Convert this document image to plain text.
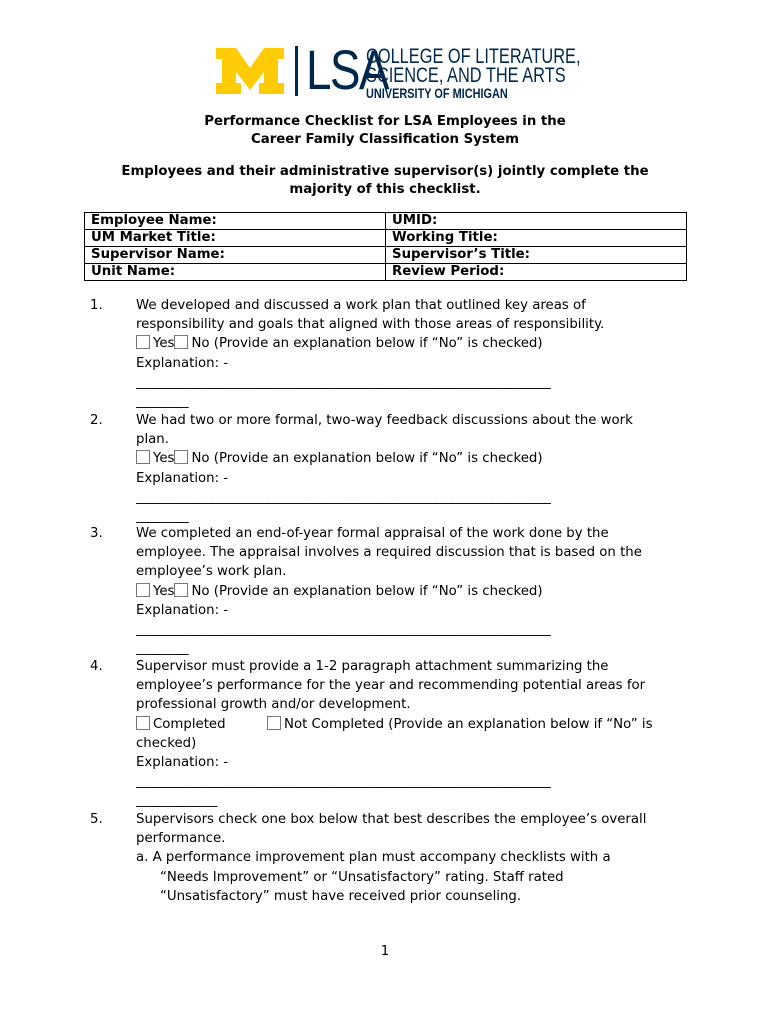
LSA
COLLEGE OF LITERATURE,
SCIENCE, AND THE ARTS
UNIVERSITY OF MICHIGAN
Performance Checklist for LSA Employees in the
Career Family Classification System
Employees and their administrative supervisor(s) jointly complete the
majority of this checklist.
Employee Name:	UMID:
UM Market Title:	Working Title:
Supervisor Name:	Supervisor’s Title:
Unit Name:	Review Period:
1.	We developed and discussed a work plan that outlined key areas of
responsibility and goals that aligned with those areas of responsibility.
Yes No (Provide an explanation below if “No” is checked)
Explanation: -
________________________________________________________________________
_________
2.	We had two or more formal, two-way feedback discussions about the work
plan.
Yes No (Provide an explanation below if “No” is checked)
Explanation: -
________________________________________________________________________
_________
3.	We completed an end-of-year formal appraisal of the work done by the
employee. The appraisal involves a required discussion that is based on the
employee’s work plan.
Yes No (Provide an explanation below if “No” is checked)
Explanation: -
________________________________________________________________________
_________
4.	Supervisor must provide a 1-2 paragraph attachment summarizing the
employee’s performance for the year and recommending potential areas for
professional growth and/or development.
Completed	Not Completed (Provide an explanation below if “No” is
checked)
Explanation: -
________________________________________________________________________
______________
5.	Supervisors check one box below that best describes the employee’s overall
performance.
a. A performance improvement plan must accompany checklists with a
“Needs Improvement” or “Unsatisfactory” rating. Staff rated
“Unsatisfactory” must have received prior counseling.
1
